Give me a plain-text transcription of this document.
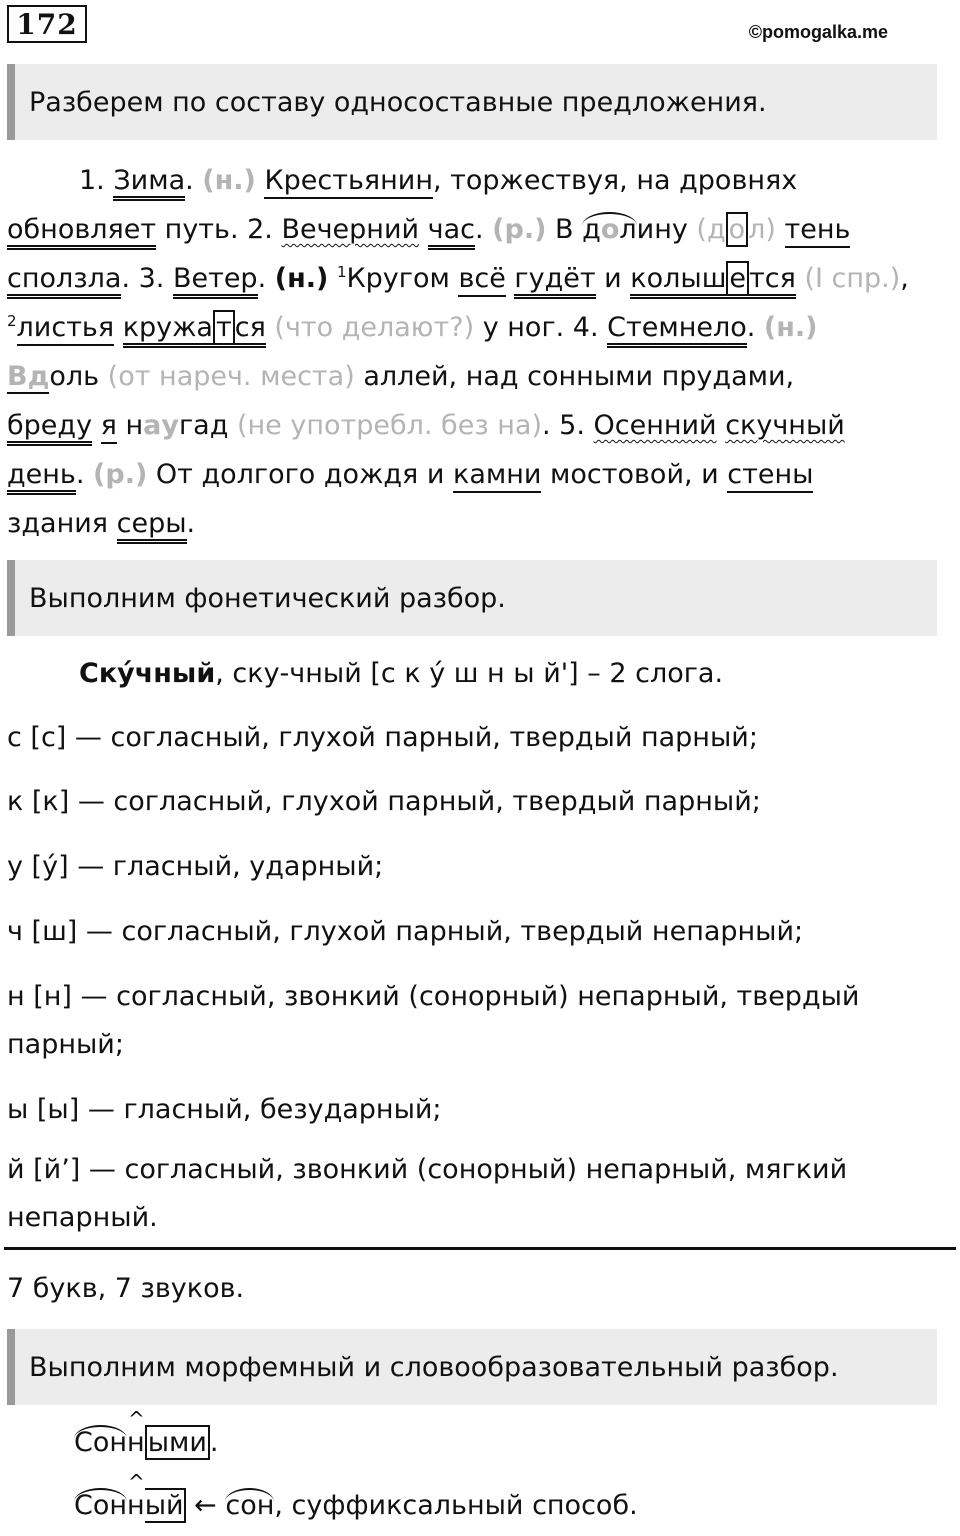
172	©pomogalka.me
Разберем по составу односоставные предложения.
1. Зима. (н.) Крестьянин, торжествуя, на дровнях
обновляет путь. 2. Вечерний час. (р.) В долину (д о л) тень
сползла. 3. Ветер. (н.) $^1$Кругом всё гудёт и колыш е тся (I спр.),
$^2$листья кружа т ся (что делают?) у ног. 4. Стемнело. (н.)
Вдоль (от нареч. места) аллей, над сонными прудами,
бреду я наугад (не употребл. без на). 5. Осенний скучный
день. (р.) От долгого дождя и камни мостовой, и стены
здания серы.
Выполним фонетический разбор.
Скýчный, ску-чный [с к ý ш н ы й'] – 2 слога.
с [с] — согласный, глухой парный, твердый парный;
к [к] — согласный, глухой парный, твердый парный;
у [ý] — гласный, ударный;
ч [ш] — согласный, глухой парный, твердый непарный;
н [н] — согласный, звонкий (сонорный) непарный, твердый
парный;
ы [ы] — гласный, безударный;
й [й’] — согласный, звонкий (сонорный) непарный, мягкий
непарный.
7 букв, 7 звуков.
Выполним морфемный и словообразовательный разбор.
Сон^ н ыми .
Сон^ ный ← сон, суффиксальный способ.
